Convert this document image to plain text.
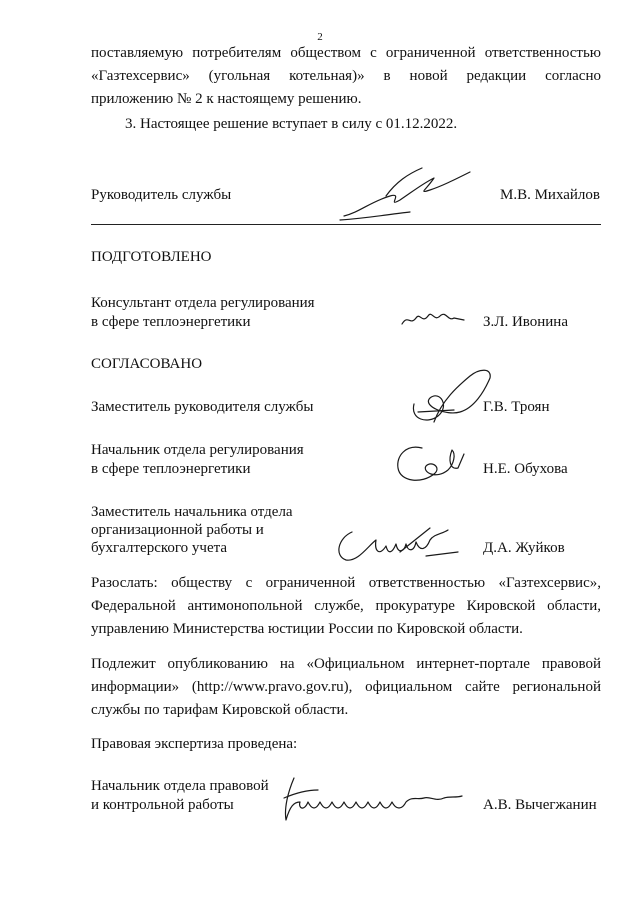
2
поставляемую потребителям обществом с ограниченной ответственностью
«Газтехсервис» (угольная котельная)» в новой редакции согласно
приложению № 2 к настоящему решению.
3. Настоящее решение вступает в силу с 01.12.2022.
Руководитель службы	М.В. Михайлов
ПОДГОТОВЛЕНО
Консультант отдела регулирования
в сфере теплоэнергетики	З.Л. Ивонина
СОГЛАСОВАНО
Заместитель руководителя службы	Г.В. Троян
Начальник отдела регулирования
в сфере теплоэнергетики	Н.Е. Обухова
Заместитель начальника отдела
организационной работы и
бухгалтерского учета	Д.А. Жуйков
Разослать: обществу с ограниченной ответственностью «Газтехсервис»,
Федеральной антимонопольной службе, прокуратуре Кировской области,
управлению Министерства юстиции России по Кировской области.
Подлежит опубликованию на «Официальном интернет-портале правовой
информации» (http://www.pravo.gov.ru), официальном сайте региональной
службы по тарифам Кировской области.
Правовая экспертиза проведена:
Начальник отдела правовой
и контрольной работы	А.В. Вычегжанин
